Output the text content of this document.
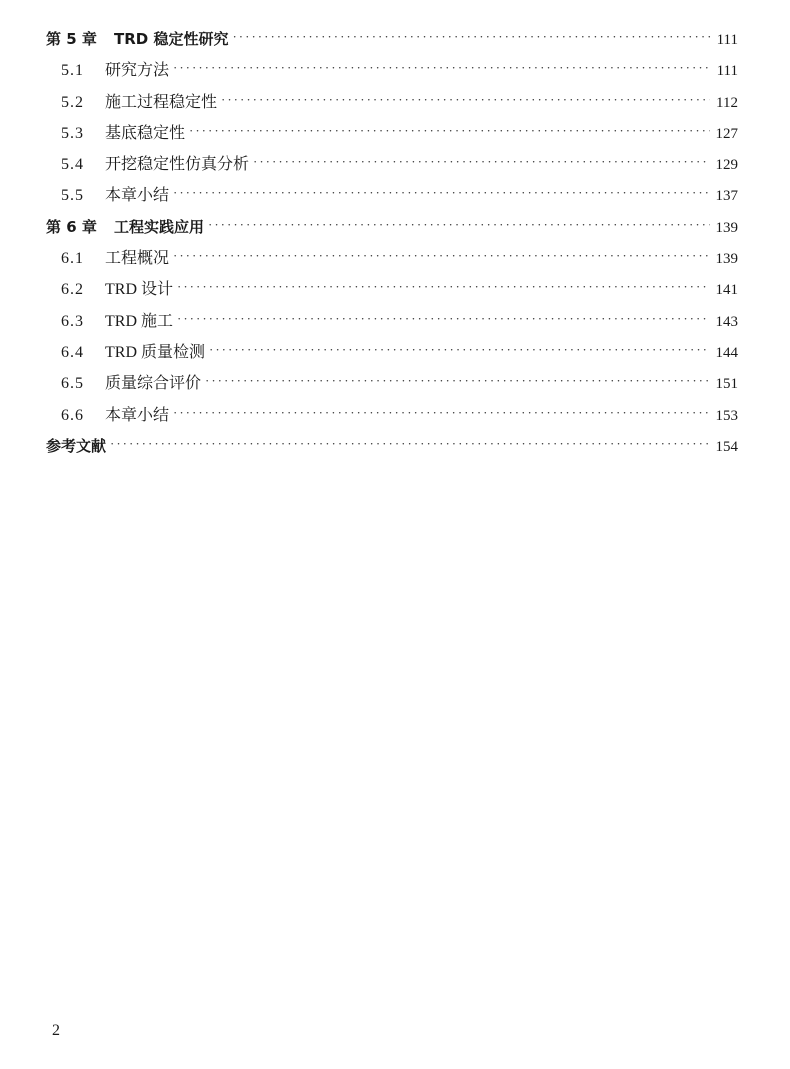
第 5 章	TRD 稳定性研究 ·····	111
5.1	研究方法 ·····	111
5.2	施工过程稳定性 ·····	112
5.3	基底稳定性 ·····	127
5.4	开挖稳定性仿真分析 ·····	129
5.5	本章小结 ·····	137
第 6 章	工程实践应用 ·····	139
6.1	工程概况 ·····	139
6.2	TRD 设计 ·····	141
6.3	TRD 施工 ·····	143
6.4	TRD 质量检测 ·····	144
6.5	质量综合评价 ·····	151
6.6	本章小结 ·····	153
参考文献 ·····	154
2
